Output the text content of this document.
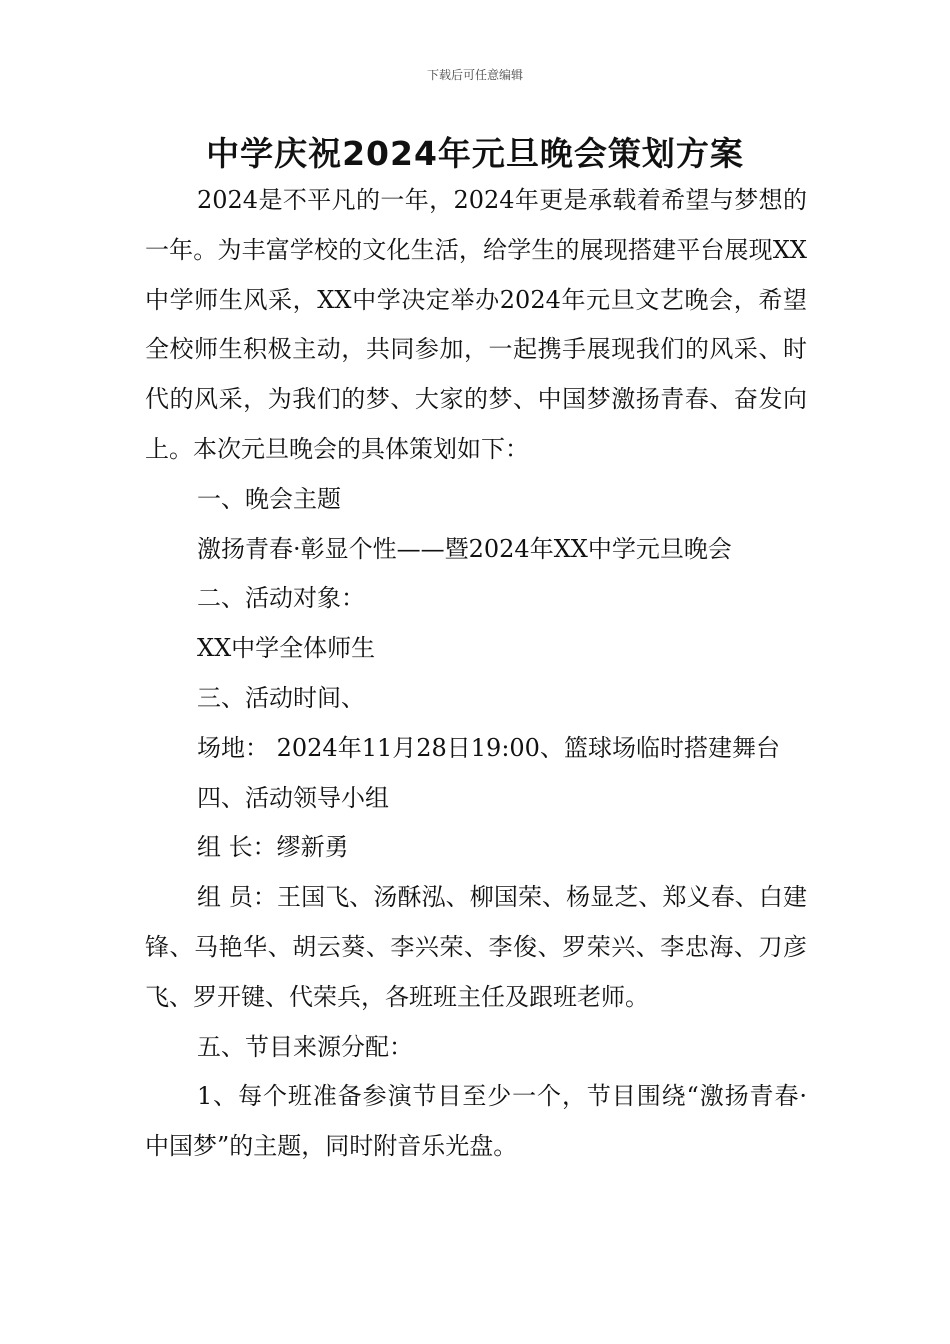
下载后可任意编辑
中学庆祝2024年元旦晚会策划方案

2024是不平凡的一年，2024年更是承载着希望与梦想的一年。为丰富学校的文化生活，给学生的展现搭建平台展现XX中学师生风采，XX中学决定举办2024年元旦文艺晚会，希望全校师生积极主动，共同参加，一起携手展现我们的风采、时代的风采，为我们的梦、大家的梦、中国梦激扬青春、奋发向上。本次元旦晚会的具体策划如下：

一、晚会主题

激扬青春·彰显个性——暨2024年XX中学元旦晚会

二、活动对象：

XX中学全体师生

三、活动时间、

场地： 2024年11月28日19:00、篮球场临时搭建舞台

四、活动领导小组

组 长：缪新勇

组 员：王国飞、汤酥泓、柳国荣、杨显芝、郑义春、白建锋、马艳华、胡云葵、李兴荣、李俊、罗荣兴、李忠海、刀彦飞、罗开键、代荣兵，各班班主任及跟班老师。

五、节目来源分配：

1、每个班准备参演节目至少一个，节目围绕“激扬青春·中国梦”的主题，同时附音乐光盘。
